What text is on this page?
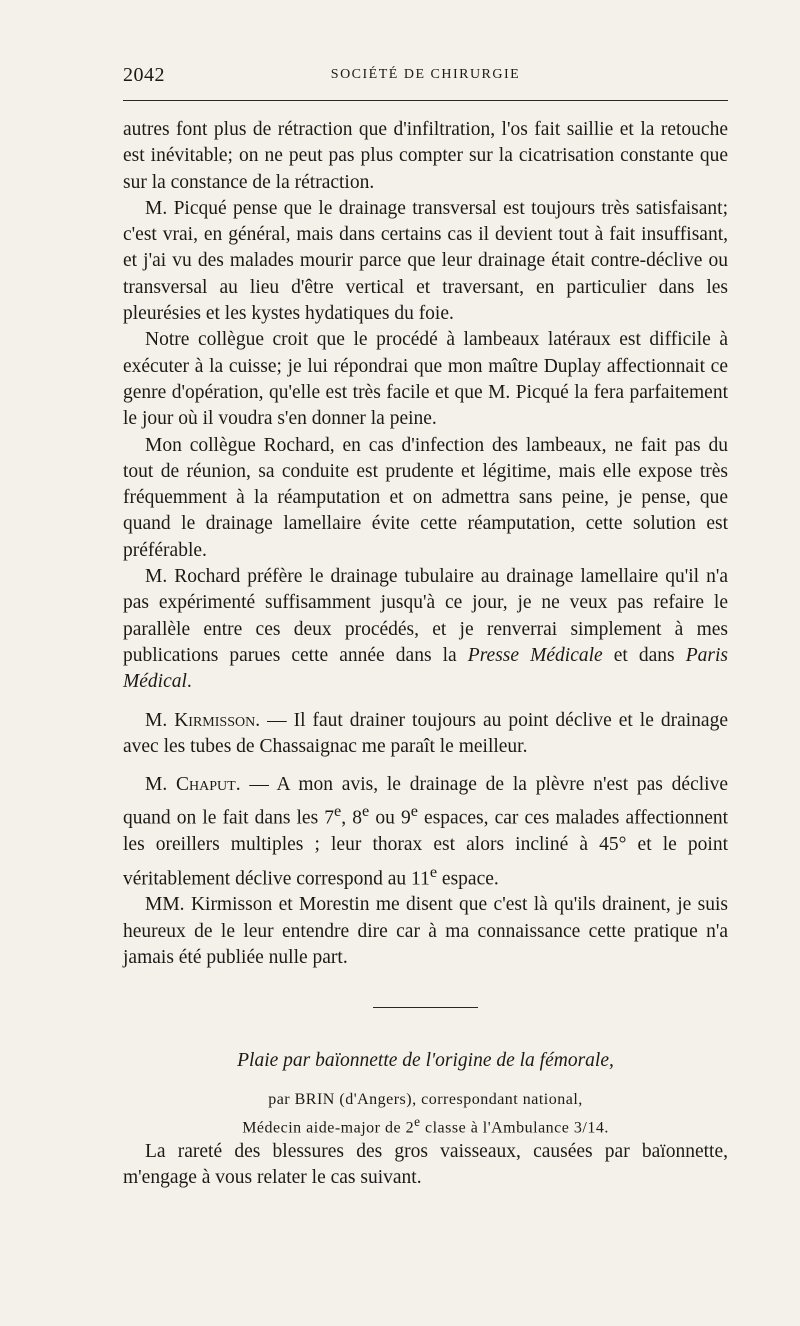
2042	SOCIÉTÉ DE CHIRURGIE

autres font plus de rétraction que d'infiltration, l'os fait saillie et la retouche est inévitable; on ne peut pas plus compter sur la cicatrisation constante que sur la constance de la rétraction.

M. Picqué pense que le drainage transversal est toujours très satisfaisant; c'est vrai, en général, mais dans certains cas il devient tout à fait insuffisant, et j'ai vu des malades mourir parce que leur drainage était contre-déclive ou transversal au lieu d'être vertical et traversant, en particulier dans les pleurésies et les kystes hydatiques du foie.

Notre collègue croit que le procédé à lambeaux latéraux est difficile à exécuter à la cuisse; je lui répondrai que mon maître Duplay affectionnait ce genre d'opération, qu'elle est très facile et que M. Picqué la fera parfaitement le jour où il voudra s'en donner la peine.

Mon collègue Rochard, en cas d'infection des lambeaux, ne fait pas du tout de réunion, sa conduite est prudente et légitime, mais elle expose très fréquemment à la réamputation et on admettra sans peine, je pense, que quand le drainage lamellaire évite cette réamputation, cette solution est préférable.

M. Rochard préfère le drainage tubulaire au drainage lamellaire qu'il n'a pas expérimenté suffisamment jusqu'à ce jour, je ne veux pas refaire le parallèle entre ces deux procédés, et je renverrai simplement à mes publications parues cette année dans la Presse Médicale et dans Paris Médical.

M. Kirmisson. — Il faut drainer toujours au point déclive et le drainage avec les tubes de Chassaignac me paraît le meilleur.

M. Chaput. — A mon avis, le drainage de la plèvre n'est pas déclive quand on le fait dans les 7e, 8e ou 9e espaces, car ces malades affectionnent les oreillers multiples ; leur thorax est alors incliné à 45° et le point véritablement déclive correspond au 11e espace.

MM. Kirmisson et Morestin me disent que c'est là qu'ils drainent, je suis heureux de le leur entendre dire car à ma connaissance cette pratique n'a jamais été publiée nulle part.

Plaie par baïonnette de l'origine de la fémorale,
par BRIN (d'Angers), correspondant national,
Médecin aide-major de 2e classe à l'Ambulance 3/14.

La rareté des blessures des gros vaisseaux, causées par baïonnette, m'engage à vous relater le cas suivant.
